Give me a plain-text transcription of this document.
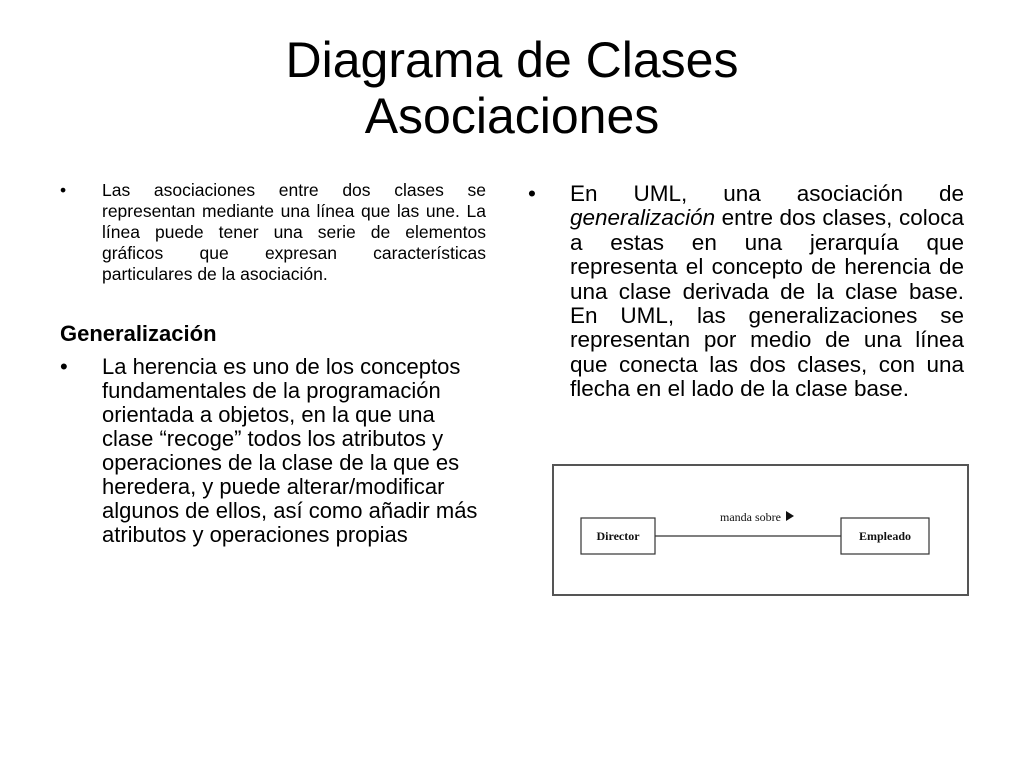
Diagrama de Clases
Asociaciones

• Las asociaciones entre dos clases se representan mediante una línea que las une. La línea puede tener una serie de elementos gráficos que expresan características particulares de la asociación.

Generalización

• La herencia es uno de los conceptos fundamentales de la programación orientada a objetos, en la que una clase “recoge” todos los atributos y operaciones de la clase de la que es heredera, y puede alterar/modificar algunos de ellos, así como añadir más atributos y operaciones propias

• En UML, una asociación de generalización entre dos clases, coloca a estas en una jerarquía que representa el concepto de herencia de una clase derivada de la clase base. En UML, las generalizaciones se representan por medio de una línea que conecta las dos clases, con una flecha en el lado de la clase base.

Director	Empleado
manda sobre
